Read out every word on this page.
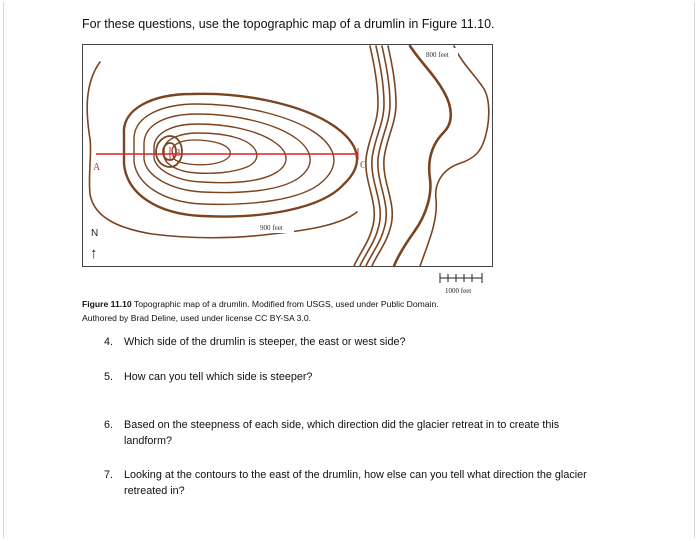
For these questions, use the topographic map of a drumlin in Figure 11.10.
A
B
C
800 feet
900 feet
N
↑
1000 feet
Figure 11.10 Topographic map of a drumlin. Modified from USGS, used under Public Domain.
Authored by Brad Deline, used under license CC BY-SA 3.0.
4. Which side of the drumlin is steeper, the east or west side?
5. How can you tell which side is steeper?
6. Based on the steepness of each side, which direction did the glacier retreat in to create this landform?
7. Looking at the contours to the east of the drumlin, how else can you tell what direction the glacier retreated in?
